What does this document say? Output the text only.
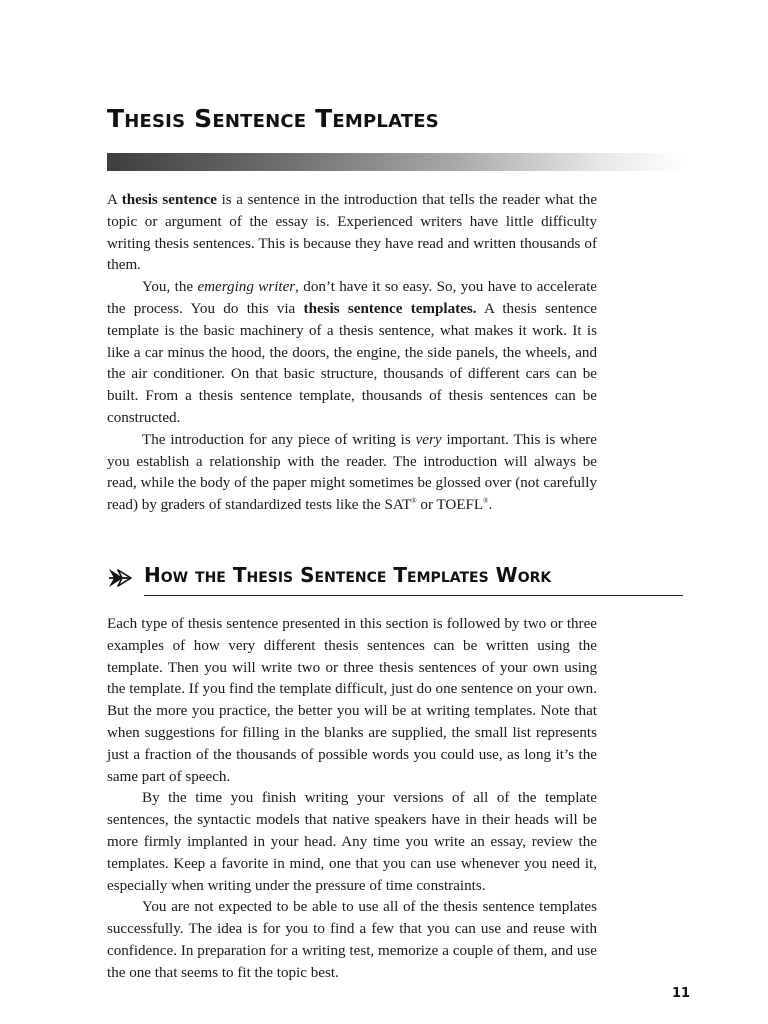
Thesis Sentence Templates

A thesis sentence is a sentence in the introduction that tells the reader what the topic or argument of the essay is. Experienced writers have little difficulty writing thesis sentences. This is because they have read and written thousands of them.

You, the emerging writer, don’t have it so easy. So, you have to accelerate the process. You do this via thesis sentence templates. A thesis sentence template is the basic machinery of a thesis sentence, what makes it work. It is like a car minus the hood, the doors, the engine, the side panels, the wheels, and the air conditioner. On that basic structure, thousands of different cars can be built. From a thesis sentence template, thousands of thesis sentences can be constructed.

The introduction for any piece of writing is very important. This is where you establish a relationship with the reader. The introduction will always be read, while the body of the paper might sometimes be glossed over (not carefully read) by graders of standardized tests like the SAT® or TOEFL®.

How the Thesis Sentence Templates Work

Each type of thesis sentence presented in this section is followed by two or three examples of how very different thesis sentences can be written using the template. Then you will write two or three thesis sentences of your own using the template. If you find the template difficult, just do one sentence on your own. But the more you practice, the better you will be at writing templates. Note that when suggestions for filling in the blanks are supplied, the small list represents just a fraction of the thousands of possible words you could use, as long it’s the same part of speech.

By the time you finish writing your versions of all of the template sentences, the syntactic models that native speakers have in their heads will be more firmly implanted in your head. Any time you write an essay, review the templates. Keep a favorite in mind, one that you can use whenever you need it, especially when writing under the pressure of time constraints.

You are not expected to be able to use all of the thesis sentence templates successfully. The idea is for you to find a few that you can use and reuse with confidence. In preparation for a writing test, memorize a couple of them, and use the one that seems to fit the topic best.

11
